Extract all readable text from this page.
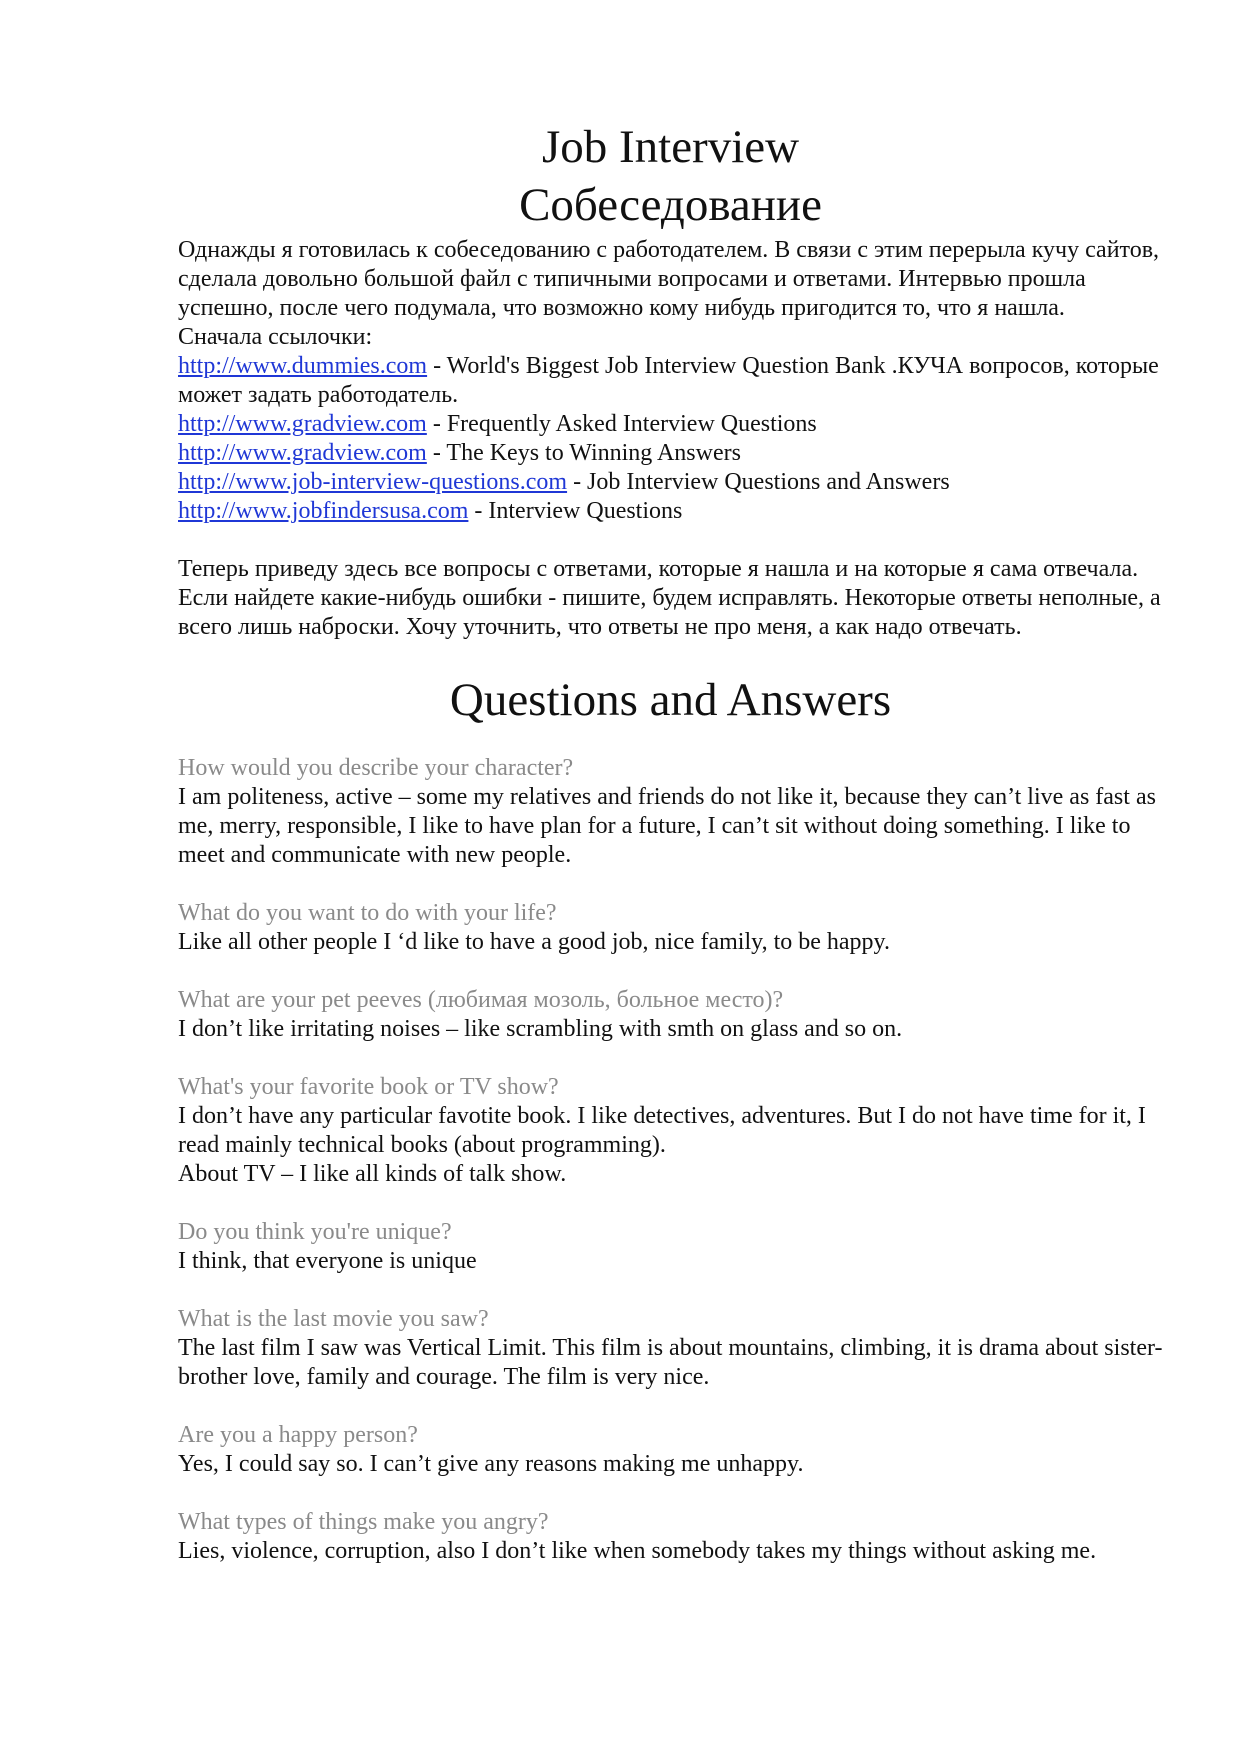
Job Interview
Собеседование

Однажды я готовилась к собеседованию с работодателем. В связи с этим перерыла кучу сайтов, сделала довольно большой файл с типичными вопросами и ответами. Интервью прошла успешно, после чего подумала, что возможно кому нибудь пригодится то, что я нашла.

Сначала ссылочки:

http://www.dummies.com - World's Biggest Job Interview Question Bank .КУЧА вопросов, которые может задать работодатель.

http://www.gradview.com - Frequently Asked Interview Questions

http://www.gradview.com - The Keys to Winning Answers

http://www.job-interview-questions.com - Job Interview Questions and Answers

http://www.jobfindersusa.com - Interview Questions

Теперь приведу здесь все вопросы с ответами, которые я нашла и на которые я сама отвечала. Если найдете какие-нибудь ошибки - пишите, будем исправлять. Некоторые ответы неполные, а всего лишь наброски. Хочу уточнить, что ответы не про меня, а как надо отвечать.

Questions and Answers

How would you describe your character?

I am politeness, active – some my relatives and friends do not like it, because they can’t live as fast as me, merry, responsible, I like to have plan for a future, I can’t sit without doing something. I like to meet and communicate with new people.

What do you want to do with your life?

Like all other people I ‘d like to have a good job, nice family, to be happy.

What are your pet peeves (любимая мозоль, больное место)?

I don’t like irritating noises – like scrambling with smth on glass and so on.

What's your favorite book or TV show?

I don’t have any particular favotite book. I like detectives, adventures. But I do not have time for it, I read mainly technical books (about programming).

About TV – I like all kinds of talk show.

Do you think you're unique?

I think, that everyone is unique

What is the last movie you saw?

The last film I saw was Vertical Limit. This film is about mountains, climbing, it is drama about sister-brother love, family and courage. The film is very nice.

Are you a happy person?

Yes, I could say so. I can’t give any reasons making me unhappy.

What types of things make you angry?

Lies, violence, corruption, also I don’t like when somebody takes my things without asking me.
